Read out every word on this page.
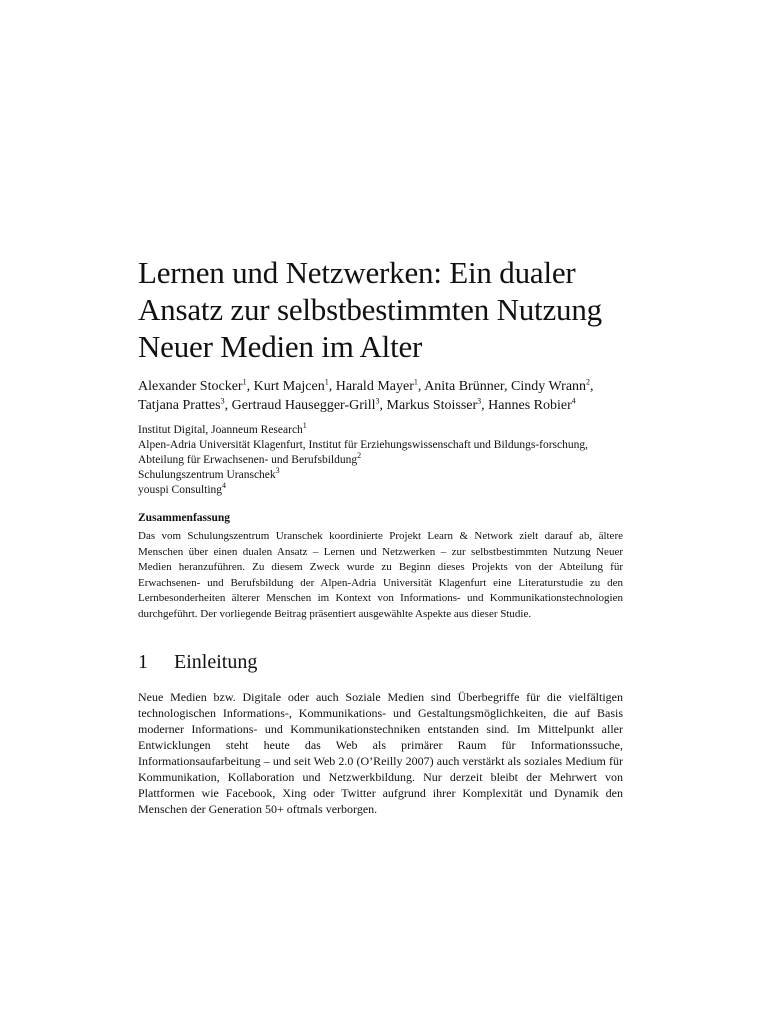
Lernen und Netzwerken: Ein dualer
Ansatz zur selbstbestimmten Nutzung
Neuer Medien im Alter
Alexander Stocker$^1$, Kurt Majcen$^1$, Harald Mayer$^1$, Anita Brünner, Cindy Wrann$^2$, Tatjana Prattes$^3$, Gertraud Hausegger-Grill$^3$, Markus Stoisser$^3$, Hannes Robier$^4$
Institut Digital, Joanneum Research$^1$
Alpen-Adria Universität Klagenfurt, Institut für Erziehungswissenschaft und Bildungs-forschung, Abteilung für Erwachsenen- und Berufsbildung$^2$
Schulungszentrum Uranschek$^3$
youspi Consulting$^4$
Zusammenfassung
Das vom Schulungszentrum Uranschek koordinierte Projekt Learn & Network zielt darauf ab, ältere Menschen über einen dualen Ansatz – Lernen und Netzwerken – zur selbstbestimmten Nutzung Neuer Medien heranzuführen. Zu diesem Zweck wurde zu Beginn dieses Projekts von der Abteilung für Erwachsenen- und Berufsbildung der Alpen-Adria Universität Klagenfurt eine Literaturstudie zu den Lernbesonderheiten älterer Menschen im Kontext von Informations- und Kommunikationstechnologien durchgeführt. Der vorliegende Beitrag präsentiert ausgewählte Aspekte aus dieser Studie.
1	Einleitung
Neue Medien bzw. Digitale oder auch Soziale Medien sind Überbegriffe für die vielfältigen technologischen Informations-, Kommunikations- und Gestaltungsmöglichkeiten, die auf Basis moderner Informations- und Kommunikationstechniken entstanden sind. Im Mittelpunkt aller Entwicklungen steht heute das Web als primärer Raum für Informationssuche, Informationsaufarbeitung – und seit Web 2.0 (O’Reilly 2007) auch verstärkt als soziales Medium für Kommunikation, Kollaboration und Netzwerkbildung. Nur derzeit bleibt der Mehrwert von Plattformen wie Facebook, Xing oder Twitter aufgrund ihrer Komplexität und Dynamik den Menschen der Generation 50+ oftmals verborgen.
